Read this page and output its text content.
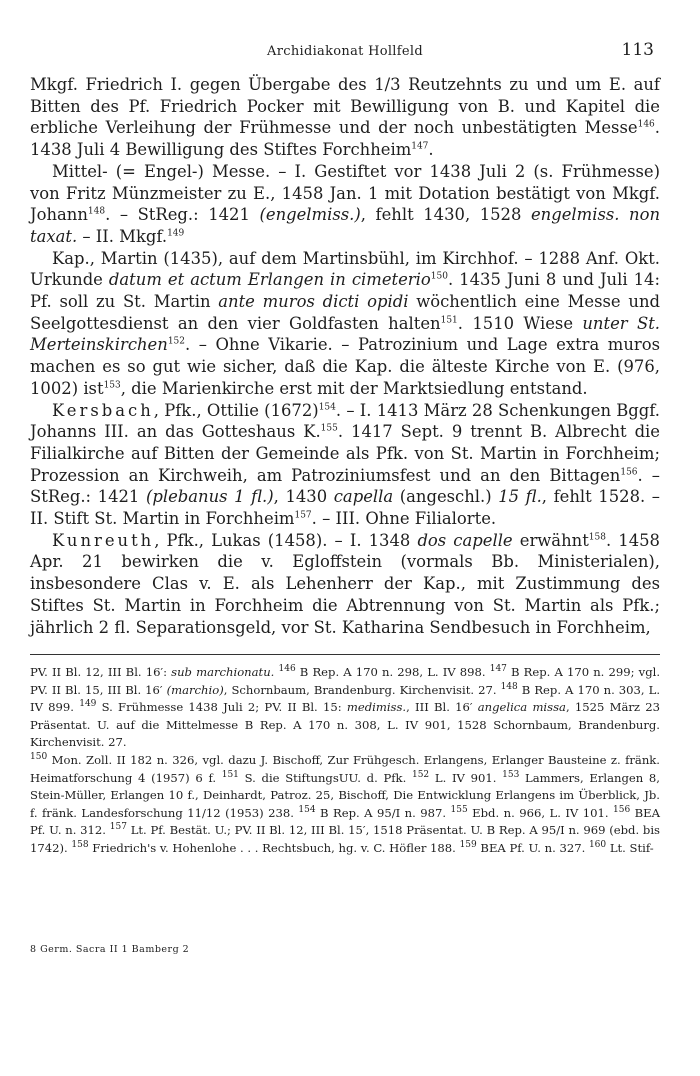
Archidiakonat Hollfeld	113

Mkgf. Friedrich I. gegen Übergabe des 1/3 Reutzehnts zu und um E. auf Bitten des Pf. Friedrich Pocker mit Bewilligung von B. und Kapitel die erbliche Verleihung der Frühmesse und der noch unbestätigten Messe$^{146}$. 1438 Juli 4 Bewilligung des Stiftes Forchheim$^{147}$.

Mittel- (= Engel-) Messe. – I. Gestiftet vor 1438 Juli 2 (s. Frühmesse) von Fritz Münzmeister zu E., 1458 Jan. 1 mit Dotation bestätigt von Mkgf. Johann$^{148}$. – StReg.: 1421 (engelmiss.), fehlt 1430, 1528 engelmiss. non taxat. – II. Mkgf.$^{149}$

Kap., Martin (1435), auf dem Martinsbühl, im Kirchhof. – 1288 Anf. Okt. Urkunde datum et actum Erlangen in cimeterio$^{150}$. 1435 Juni 8 und Juli 14: Pf. soll zu St. Martin ante muros dicti opidi wöchentlich eine Messe und Seelgottesdienst an den vier Goldfasten halten$^{151}$. 1510 Wiese unter St. Merteinskirchen$^{152}$. – Ohne Vikarie. – Patrozinium und Lage extra muros machen es so gut wie sicher, daß die Kap. die älteste Kirche von E. (976, 1002) ist$^{153}$, die Marienkirche erst mit der Marktsiedlung entstand.

Kersbach, Pfk., Ottilie $(1672)^{154}$. – I. 1413 März 28 Schenkungen Bggf. Johanns III. an das Gotteshaus K.$^{155}$. 1417 Sept. 9 trennt B. Albrecht die Filialkirche auf Bitten der Gemeinde als Pfk. von St. Martin in Forchheim; Prozession an Kirchweih, am Patroziniumsfest und an den Bittagen$^{156}$. – StReg.: 1421 (plebanus 1 fl.), 1430 capella (angeschl.) 15 fl., fehlt 1528. – II. Stift St. Martin in Forchheim$^{157}$. – III. Ohne Filialorte.

Kunreuth, Pfk., Lukas (1458). – I. 1348 dos capelle erwähnt$^{158}$. 1458 Apr. 21 bewirken die v. Egloffstein (vormals Bb. Ministerialen), insbesondere Clas v. E. als Lehenherr der Kap., mit Zustimmung des Stiftes St. Martin in Forchheim die Abtrennung von St. Martin als Pfk.; jährlich 2 fl. Separationsgeld, vor St. Katharina Sendbesuch in Forchheim,

PV. II Bl. 12, III Bl. 16′: sub marchionatu. $^{146}$ B Rep. A 170 n. 298, L. IV 898. $^{147}$ B Rep. A 170 n. 299; vgl. PV. II Bl. 15, III Bl. 16′ (marchio), Schornbaum, Brandenburg. Kirchenvisit. 27. $^{148}$ B Rep. A 170 n. 303, L. IV 899. $^{149}$ S. Frühmesse 1438 Juli 2; PV. II Bl. 15: medimiss., III Bl. 16′ angelica missa, 1525 März 23 Präsentat. U. auf die Mittelmesse B Rep. A 170 n. 308, L. IV 901, 1528 Schornbaum, Brandenburg. Kirchenvisit. 27.

$^{150}$ Mon. Zoll. II 182 n. 326, vgl. dazu J. Bischoff, Zur Frühgesch. Erlangens, Erlanger Bausteine z. fränk. Heimatforschung 4 (1957) 6 f. $^{151}$ S. die StiftungsUU. d. Pfk. $^{152}$ L. IV 901. $^{153}$ Lammers, Erlangen 8, Stein-Müller, Erlangen 10 f., Deinhardt, Patroz. 25, Bischoff, Die Entwicklung Erlangens im Überblick, Jb. f. fränk. Landesforschung 11/12 (1953) 238. $^{154}$ B Rep. A 95/I n. 987. $^{155}$ Ebd. n. 966, L. IV 101. $^{156}$ BEA Pf. U. n. 312. $^{157}$ Lt. Pf. Bestät. U.; PV. II Bl. 12, III Bl. 15′, 1518 Präsentat. U. B Rep. A 95/I n. 969 (ebd. bis 1742). $^{158}$ Friedrich's v. Hohenlohe . . . Rechtsbuch, hg. v. C. Höfler 188. $^{159}$ BEA Pf. U. n. 327. $^{160}$ Lt. Stif-

8 Germ. Sacra II 1 Bamberg 2
